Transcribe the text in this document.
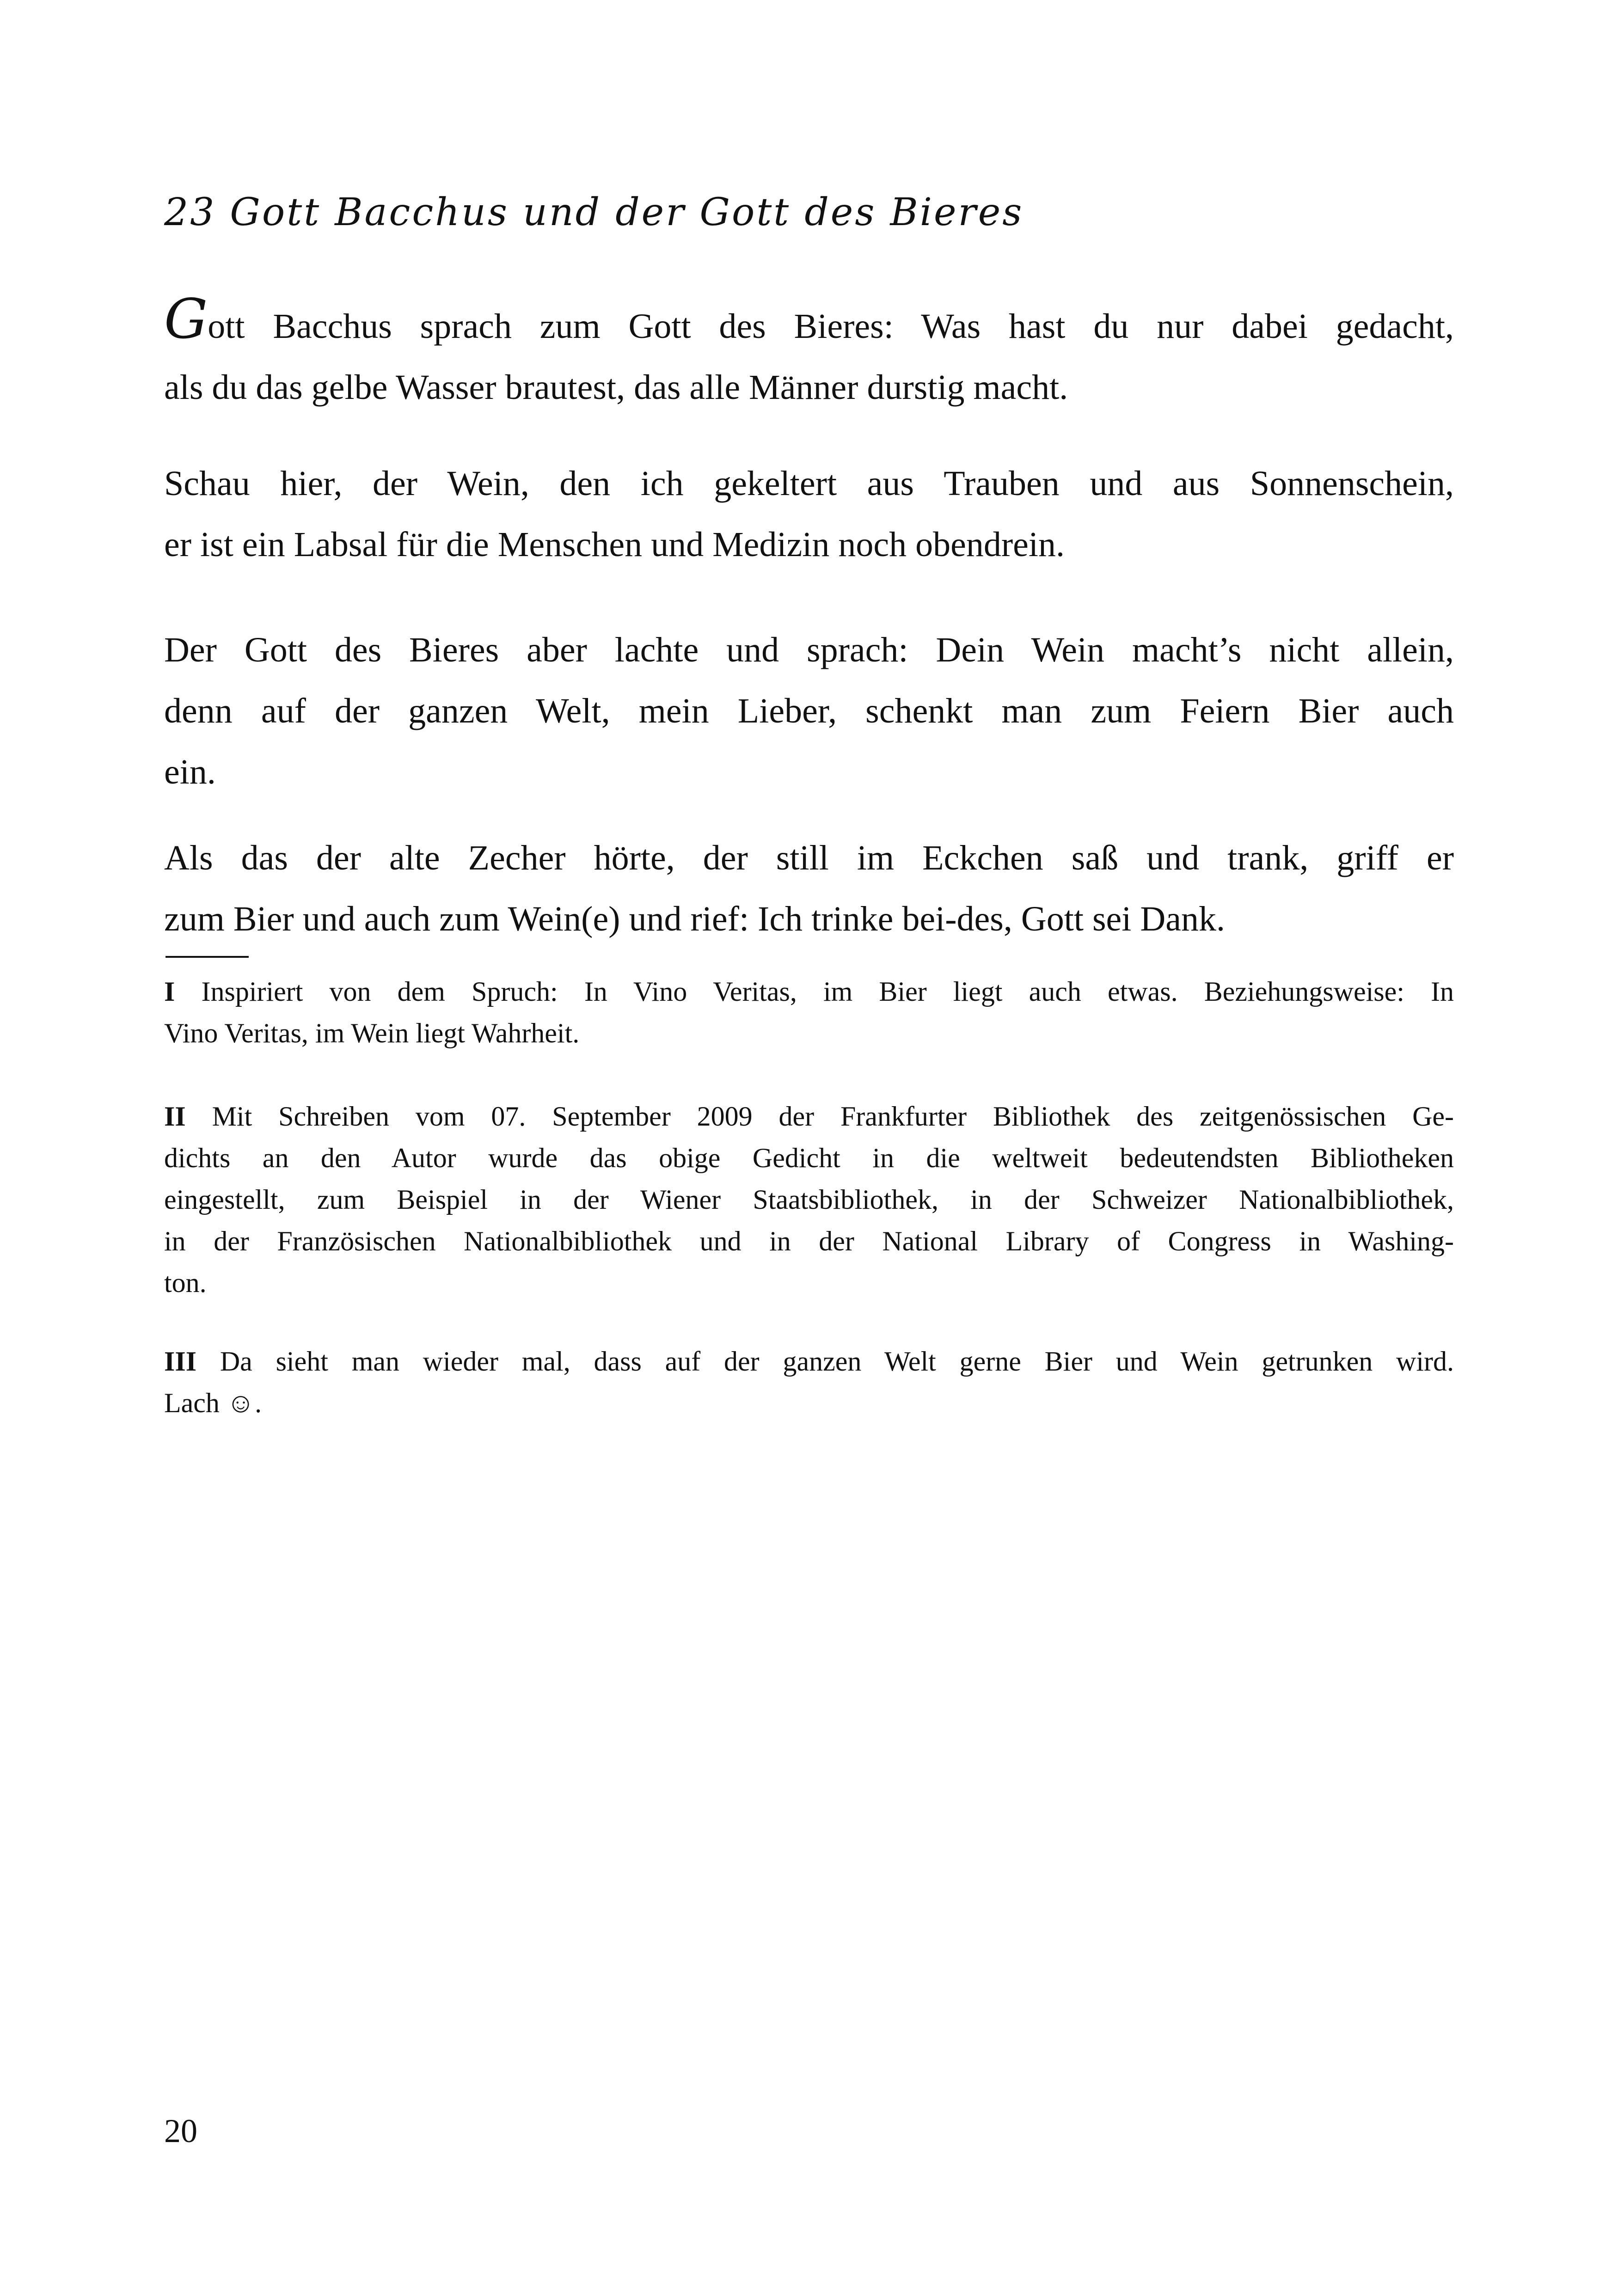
23 Gott Bacchus und der Gott des Bieres
Gott Bacchus sprach zum Gott des Bieres: Was hast du nur dabei gedacht,
als du das gelbe Wasser brautest, das alle Männer durstig macht.
Schau hier, der Wein, den ich gekeltert aus Trauben und aus Sonnenschein,
er ist ein Labsal für die Menschen und Medizin noch obendrein.
Der Gott des Bieres aber lachte und sprach: Dein Wein macht’s nicht allein,
denn auf der ganzen Welt, mein Lieber, schenkt man zum Feiern Bier auch
ein.
Als das der alte Zecher hörte, der still im Eckchen saß und trank, griff er
zum Bier und auch zum Wein(e) und rief: Ich trinke bei-des, Gott sei Dank.
I Inspiriert von dem Spruch: In Vino Veritas, im Bier liegt auch etwas. Beziehungsweise: In
Vino Veritas, im Wein liegt Wahrheit.
II Mit Schreiben vom 07. September 2009 der Frankfurter Bibliothek des zeitgenössischen Ge-
dichts an den Autor wurde das obige Gedicht in die weltweit bedeutendsten Bibliotheken
eingestellt, zum Beispiel in der Wiener Staatsbibliothek, in der Schweizer Nationalbibliothek,
in der Französischen Nationalbibliothek und in der National Library of Congress in Washing-
ton.
III Da sieht man wieder mal, dass auf der ganzen Welt gerne Bier und Wein getrunken wird.
Lach ☺.
20
